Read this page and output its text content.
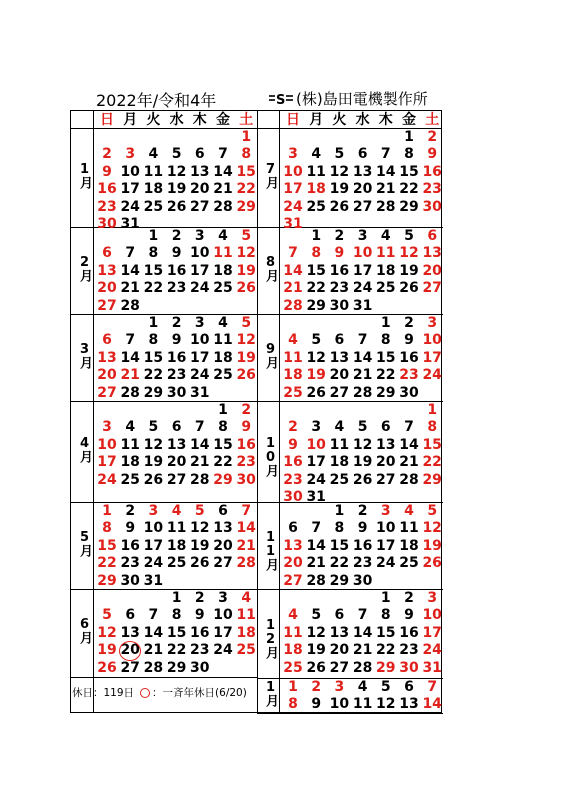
2022年/令和4年	S (株)島田電機製作所
日 月 火 水 木 金 土	日 月 火 水 木 金 土
1月
1
2 3 4 5 6 7 8
9 10 11 12 13 14 15
16 17 18 19 20 21 22
23 24 25 26 27 28 29
30 31
2月
1 2 3 4 5
6 7 8 9 10 11 12
13 14 15 16 17 18 19
20 21 22 23 24 25 26
27 28
3月
1 2 3 4 5
6 7 8 9 10 11 12
13 14 15 16 17 18 19
20 21 22 23 24 25 26
27 28 29 30 31
4月
1 2
3 4 5 6 7 8 9
10 11 12 13 14 15 16
17 18 19 20 21 22 23
24 25 26 27 28 29 30
5月
1 2 3 4 5 6 7
8 9 10 11 12 13 14
15 16 17 18 19 20 21
22 23 24 25 26 27 28
29 30 31
6月
1 2 3 4
5 6 7 8 9 10 11
12 13 14 15 16 17 18
19 20 21 22 23 24 25
26 27 28 29 30
7月
1 2
3 4 5 6 7 8 9
10 11 12 13 14 15 16
17 18 19 20 21 22 23
24 25 26 27 28 29 30
31
8月
1 2 3 4 5 6
7 8 9 10 11 12 13
14 15 16 17 18 19 20
21 22 23 24 25 26 27
28 29 30 31
9月
1 2 3
4 5 6 7 8 9 10
11 12 13 14 15 16 17
18 19 20 21 22 23 24
25 26 27 28 29 30
10月
1
2 3 4 5 6 7 8
9 10 11 12 13 14 15
16 17 18 19 20 21 22
23 24 25 26 27 28 29
30 31
11月
1 2 3 4 5
6 7 8 9 10 11 12
13 14 15 16 17 18 19
20 21 22 23 24 25 26
27 28 29 30
12月
1 2 3
4 5 6 7 8 9 10
11 12 13 14 15 16 17
18 19 20 21 22 23 24
25 26 27 28 29 30 31
1月 1 2 3 4 5 6 7
8 9 10 11 12 13 14
休日：119日 ○ ：一斉年休日(6/20)
